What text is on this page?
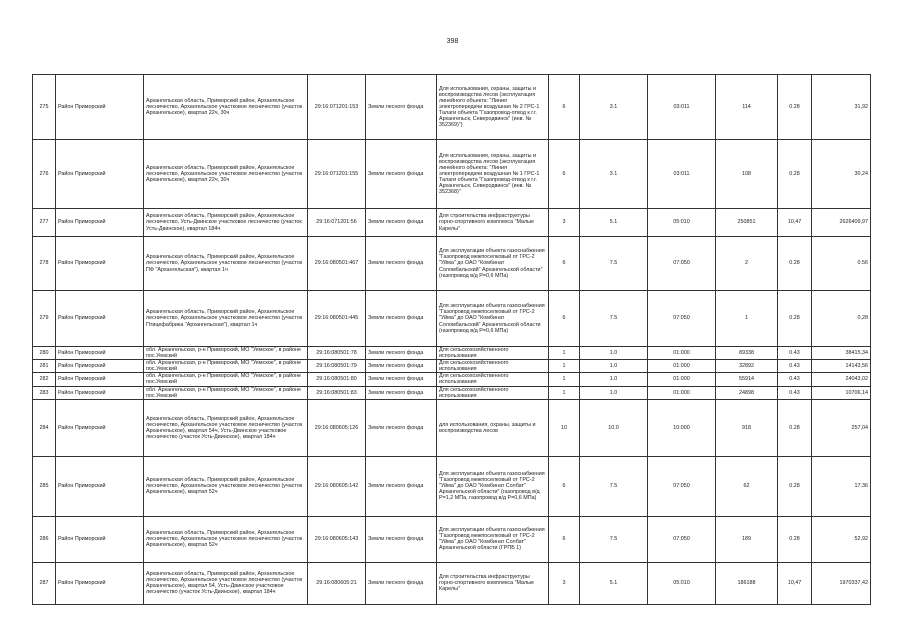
398
275	Район Приморский	Архангельская область, Приморский район, Архангельское лесничество, Архангельское участковое лесничество (участок Архангельское), квартал 22ч, 30ч	29:16:071201:153	Земли лесного фонда	Для использования, охраны, защиты и воспроизводства лесов (эксплуатация линейного объекта: "Линия электропередачи воздушная № 2 ГРС-1 Талаги объекта "Газопровод-отвод к г.г. Архангельск, Северодвинск" (инв. № 352369)")	6	3.1	03:011	114	0.28	31,92
276	Район Приморский	Архангельская область, Приморский район, Архангельское лесничество, Архангельское участковое лесничество (участок Архангельское), квартал 22ч, 30ч	29:16:071201:155	Земли лесного фонда	Для использования, охраны, защиты и воспроизводства лесов (эксплуатация линейного объекта: "Линия электропередачи воздушная № 1 ГРС-1 Талаги объекта "Газопровод-отвод к г.г. Архангельск, Северодвинск" (инв. № 352368)"	6	3.1	03:011	108	0.28	30,24
277	Район Приморский	Архангельская область, Приморский район, Архангельское лесничество, Усть-Двинское участковое лесничество (участок Усть-Двинское), квартал 184ч	29:16:071201:56	Земли лесного фонда	Для строительства инфраструктуры горно-спортивного комплекса "Малые Карелы"	3	5.1	05:010	250851	10,47	2626409,97
278	Район Приморский	Архангельская область, Приморский район, Архангельское лесничество, Архангельское участковое лесничество (участок ПФ "Архангельская"), квартал 1ч	29:16:080501:467	Земли лесного фонда	Для эксплуатации объекта газоснабжения "Газопровод межпоселковый от ГРС-2 "Уйма" до ОАО "Комбинат Соломбальский" Архангельской области" (газопровод в/д Р=0,6 МПа)	6	7.5	07:050	2	0.28	0.56
279	Район Приморский	Архангельская область, Приморский район, Архангельское лесничество, Архангельское участковое лесничество (участок Птицефабрика "Архангельская"), квартал 1ч	29:16:080501:445	Земли лесного фонда	Для эксплуатации объекта газоснабжения "Газопровод межпоселковый от ГРС-2 "Уйма" до ОАО "Комбинат Соломбальский" Архангельской области (газопровод в/д Р=0,6 МПа)	6	7.5	07:050	1	0.28	0,28
280	Район Приморский	обл. Архангельская, р-н Приморский, МО "Уемское", в районе пос.Уемский	29:16:080501:78	Земли лесного фонда	Для сельскохозяйственного использования	1	1.0	01:000	89338	0.43	38415,34
281	Район Приморский	обл. Архангельская, р-н Приморский, МО "Уемское", в районе пос.Уемский	29:16:080501:79	Земли лесного фонда	Для сельскохозяйственного использования	1	1.0	01:000	32892	0.43	14143,56
282	Район Приморский	обл. Архангельская, р-н Приморский, МО "Уемское", в районе пос.Уемский	29:16:080501:80	Земли лесного фонда	Для сельскохозяйственного использования	1	1.0	01:000	55914	0.43	24043,02
283	Район Приморский	обл. Архангельская, р-н Приморский, МО "Уемское", в районе пос.Уемский	29:16:080501:83	Земли лесного фонда	Для сельскохозяйственного использования	1	1.0	01:000	24898	0.43	10706,14
284	Район Приморский	Архангельская область, Приморский район, Архангельское лесничество, Архангельское участковое лесничество (участок Архангельское), квартал 54ч, Усть-Двинское участковое лесничество (участок Усть-Двинское), квартал 184ч	29:16:080605:126	Земли лесного фонда	для использования, охраны, защиты и воспроизводства лесов	10	10.0	10:000	918	0.28	257,04
285	Район Приморский	Архангельская область, Приморский район, Архангельское лесничество, Архангельское участковое лесничество (участок Архангельское), квартал 52ч	29:16:080605:142	Земли лесного фонда	Для эксплуатации объекта газоснабжения "Газопровод межпоселковый от ГРС-2 "Уйма" до ОАО "Комбинат Солбат" Архангельской области" (газопровод в/д Р=1,2 МПа, газопровод в/д Р=0,6 МПа)	6	7.5	07:050	62	0.28	17.36
286	Район Приморский	Архангельская область, Приморский район, Архангельское лесничество, Архангельское участковое лесничество (участок Архангельское), квартал 52ч	29:16:080605:143	Земли лесного фонда	Для эксплуатации объекта газоснабжения "Газопровод межпоселковый от ГРС-2 "Уйма" до ОАО "Комбинат Солбат" Архангельской области (ГРПБ 1)	6	7.5	07:050	189	0.28	52,92
287	Район Приморский	Архангельская область, Приморский район, Архангельское лесничество, Архангельское участковое лесничество (участок Архангельское), квартал 54, Усть-Двинское участковое лесничество (участок Усть-Двинское), квартал 184ч	29:16:080605:21	Земли лесного фонда	Для строительства инфраструктуры горно-спортивного комплекса "Малые Карелы"	3	5.1	05:010	186188	10,47	1970337,42
